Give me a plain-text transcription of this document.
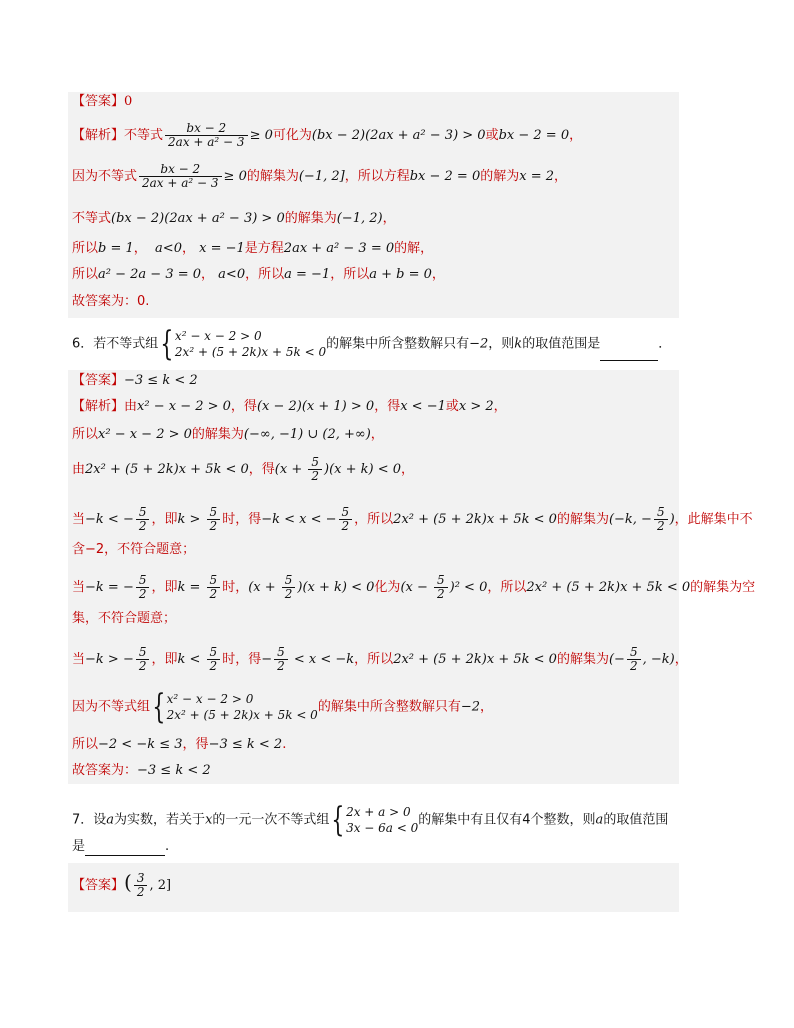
【答案】0
【解析】不等式 $\frac{bx - 2}{\text{2ax + a² − 3}} \ge 0$可化为(bx − 2)(2ax + a² − 3) > 0或bx − 2 = 0，
因为不等式 $\frac{bx - 2}{\text{2ax + a² − 3}} \ge 0$的解集为(−1, 2]，所以方程bx − 2 = 0的解为x = 2，
不等式(bx − 2)(2ax + a² − 3) > 0的解集为(−1, 2)，
所以b = 1， a<0， x = −1是方程2ax + a² − 3 = 0的解，
所以a² − 2a − 3 = 0， a<0，所以a = −1，所以a + b = 0，
故答案为：0.
6．若不等式组{ x² − x − 2 > 0
2x² + (5 + 2k)x + 5k < 0
的解集中所含整数解只有−2，则k的取值范围是	．
【答案】−3 ≤ k < 2
【解析】由x² − x − 2 > 0，得(x − 2)(x + 1) > 0，得x < −1或x > 2，
所以x² − x − 2 > 0的解集为(−∞, −1) ∪ (2, +∞)，
由2x² + (5 + 2k)x + 5k < 0，得$(x + \frac{5}{2} )(x + k) < 0$，
当−k < − $\frac{5}{2}$ ，即$k > \frac{5}{2}$ 时，得−k < x < − $\frac{5}{2}$ ，所以2x² + (5 + 2k)x + 5k < 0的解集为(−k, − $\frac{5}{2}$ )，此解集中不
含−2，不符合题意；
当−k = − $\frac{5}{2}$ ，即$k = \frac{5}{2}$ 时，$(x + \frac{5}{2} )(x + k) < 0$化为$(x - \frac{5}{2} )^2 < 0$，所以2x² + (5 + 2k)x + 5k < 0的解集为空
集，不符合题意；
当−k > − $\frac{5}{2}$ ，即$k < \frac{5}{2}$ 时，得− $\frac{5}{2} < x < -k$，所以2x² + (5 + 2k)x + 5k < 0的解集为(− $\frac{5}{2}$ , −k)，
因为不等式组{ x² − x − 2 > 0
2x² + (5 + 2k)x + 5k < 0
的解集中所含整数解只有−2，
所以−2 < −k ≤ 3，得−3 ≤ k < 2.
故答案为：−3 ≤ k < 2
7．设a为实数，若关于x的一元一次不等式组{ 2x + a > 0
3x − 6a < 0
的解集中有且仅有4个整数，则a的取值范围
是	.
【答案】( $\frac{3}{2}$ , 2]
